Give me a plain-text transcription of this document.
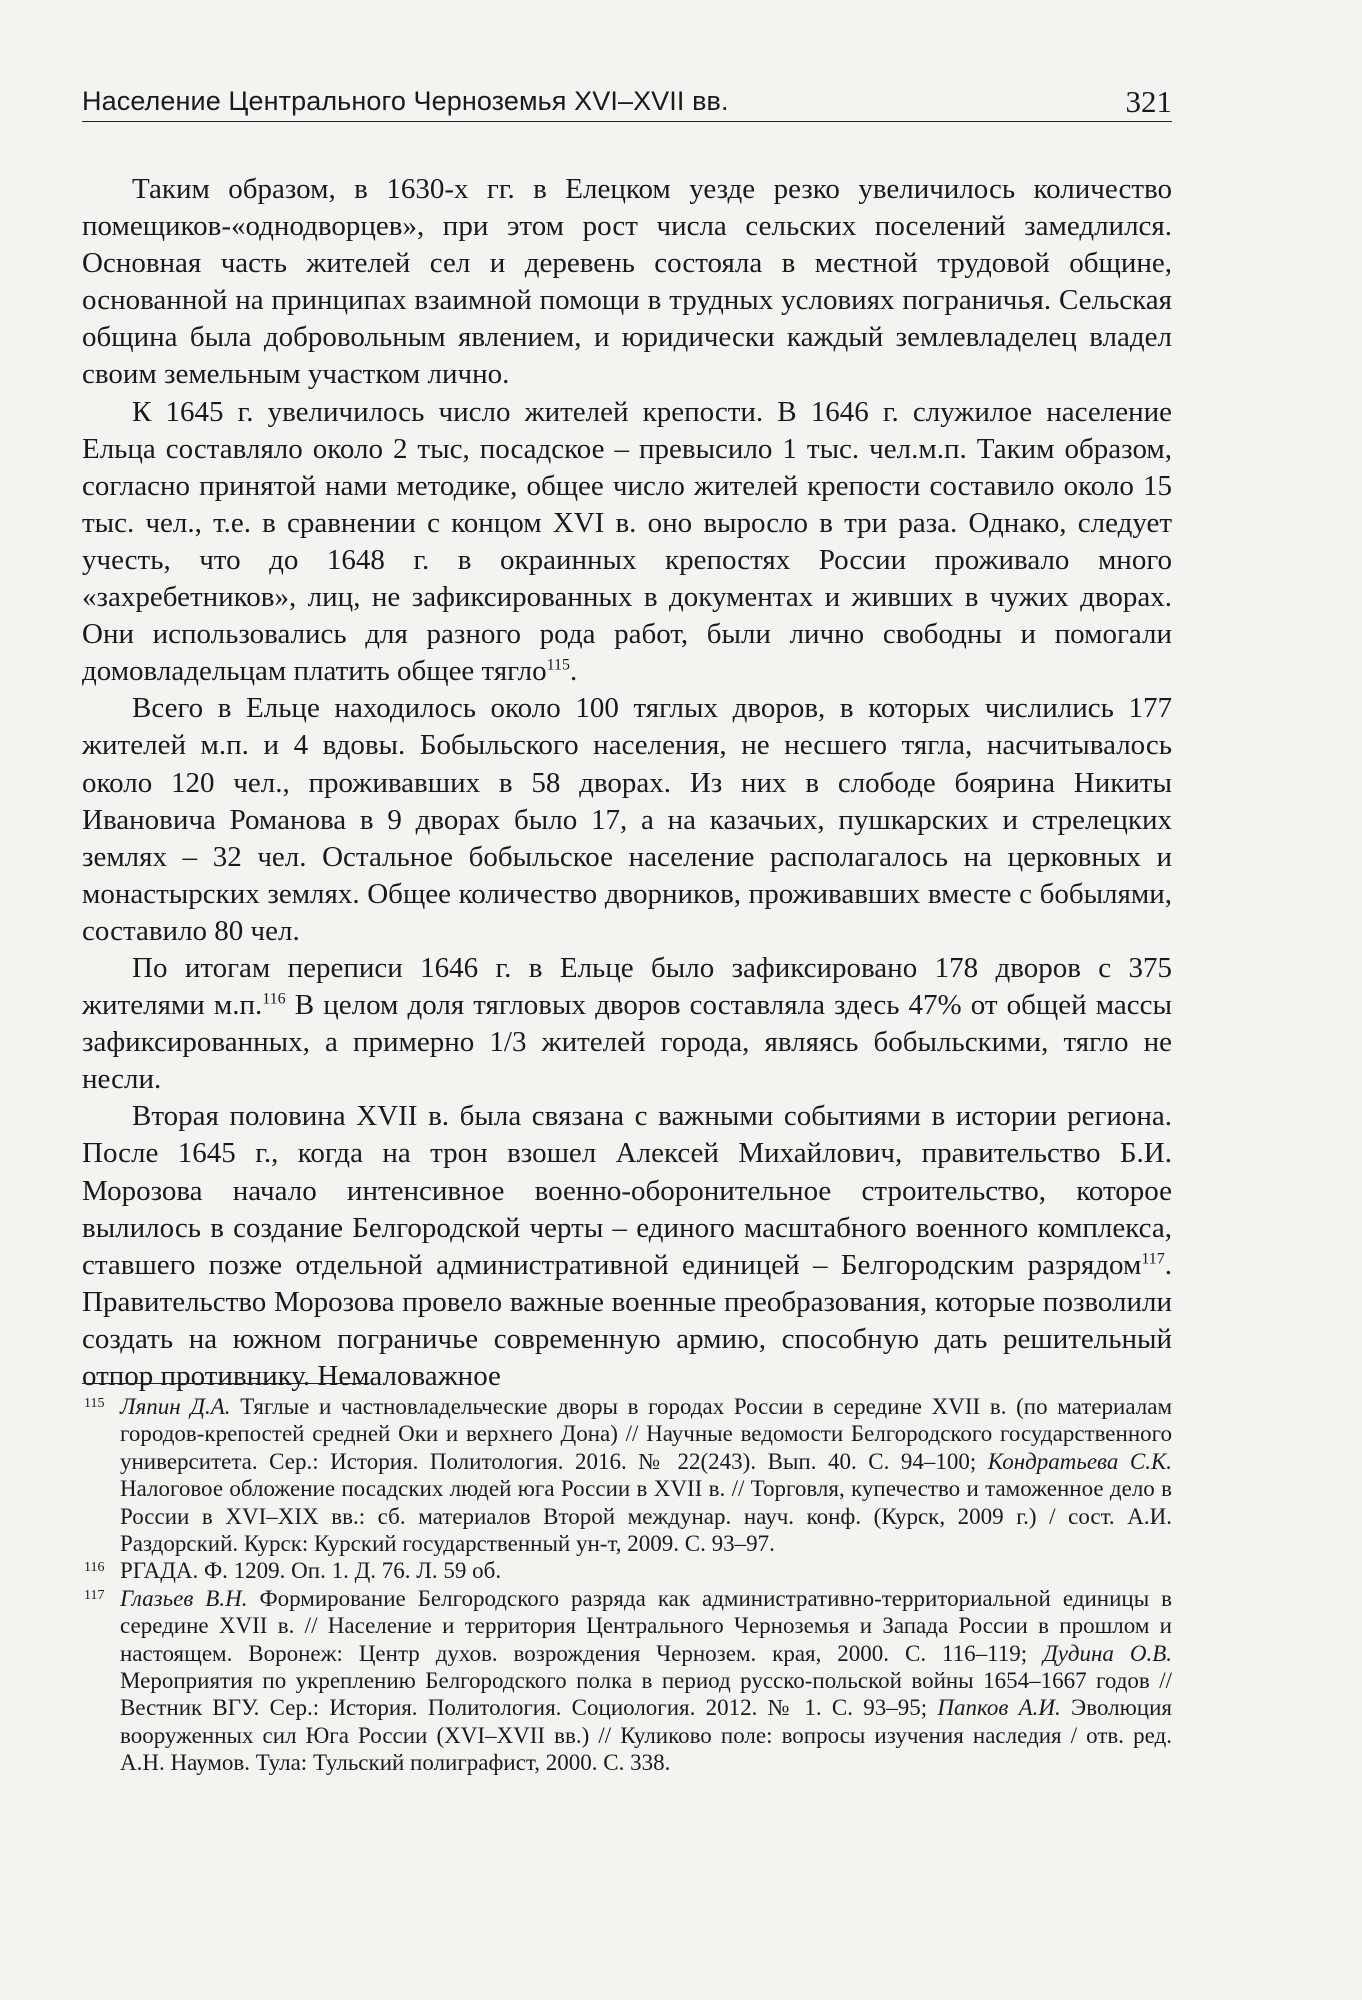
Население Центрального Черноземья XVI–XVII вв.	321

Таким образом, в 1630-х гг. в Елецком уезде резко увеличилось количество помещиков-«однодворцев», при этом рост числа сельских поселений замедлился. Основная часть жителей сел и деревень состояла в местной трудовой общине, основанной на принципах взаимной помощи в трудных условиях пограничья. Сельская община была добровольным явлением, и юридически каждый землевладелец владел своим земельным участком лично.

К 1645 г. увеличилось число жителей крепости. В 1646 г. служилое население Ельца составляло около 2 тыс, посадское – превысило 1 тыс. чел.м.п. Таким образом, согласно принятой нами методике, общее число жителей крепости составило около 15 тыс. чел., т.е. в сравнении с концом XVI в. оно выросло в три раза. Однако, следует учесть, что до 1648 г. в окраинных крепостях России проживало много «захребетников», лиц, не зафиксированных в документах и живших в чужих дворах. Они использовались для разного рода работ, были лично свободны и помогали домовладельцам платить общее тягло$^{115}$.

Всего в Ельце находилось около 100 тяглых дворов, в которых числились 177 жителей м.п. и 4 вдовы. Бобыльского населения, не несшего тягла, насчитывалось около 120 чел., проживавших в 58 дворах. Из них в слободе боярина Никиты Ивановича Романова в 9 дворах было 17, а на казачьих, пушкарских и стрелецких землях – 32 чел. Остальное бобыльское население располагалось на церковных и монастырских землях. Общее количество дворников, проживавших вместе с бобылями, составило 80 чел.

По итогам переписи 1646 г. в Ельце было зафиксировано 178 дворов с 375 жителями м.п.$^{116}$ В целом доля тягловых дворов составляла здесь 47% от общей массы зафиксированных, а примерно 1/3 жителей города, являясь бобыльскими, тягло не несли.

Вторая половина XVII в. была связана с важными событиями в истории региона. После 1645 г., когда на трон взошел Алексей Михайлович, правительство Б.И. Морозова начало интенсивное военно-оборонительное строительство, которое вылилось в создание Белгородской черты – единого масштабного военного комплекса, ставшего позже отдельной административной единицей – Белгородским разрядом$^{117}$. Правительство Морозова провело важные военные преобразования, которые позволили создать на южном пограничье современную армию, способную дать решительный отпор противнику. Немаловажное

115 Ляпин Д.А. Тяглые и частновладельческие дворы в городах России в середине XVII в. (по материалам городов-крепостей средней Оки и верхнего Дона) // Научные ведомости Белгородского государственного университета. Сер.: История. Политология. 2016. № 22(243). Вып. 40. С. 94–100; Кондратьева С.К. Налоговое обложение посадских людей юга России в XVII в. // Торговля, купечество и таможенное дело в России в XVI–XIX вв.: сб. материалов Второй междунар. науч. конф. (Курск, 2009 г.) / сост. А.И. Раздорский. Курск: Курский государственный ун-т, 2009. С. 93–97.
116 РГАДА. Ф. 1209. Оп. 1. Д. 76. Л. 59 об.
117 Глазьев В.Н. Формирование Белгородского разряда как административно-территориальной единицы в середине XVII в. // Население и территория Центрального Черноземья и Запада России в прошлом и настоящем. Воронеж: Центр духов. возрождения Чернозем. края, 2000. С. 116–119; Дудина О.В. Мероприятия по укреплению Белгородского полка в период русско-польской войны 1654–1667 годов // Вестник ВГУ. Сер.: История. Политология. Социология. 2012. № 1. С. 93–95; Папков А.И. Эволюция вооруженных сил Юга России (XVI–XVII вв.) // Куликово поле: вопросы изучения наследия / отв. ред. А.Н. Наумов. Тула: Тульский полиграфист, 2000. С. 338.
